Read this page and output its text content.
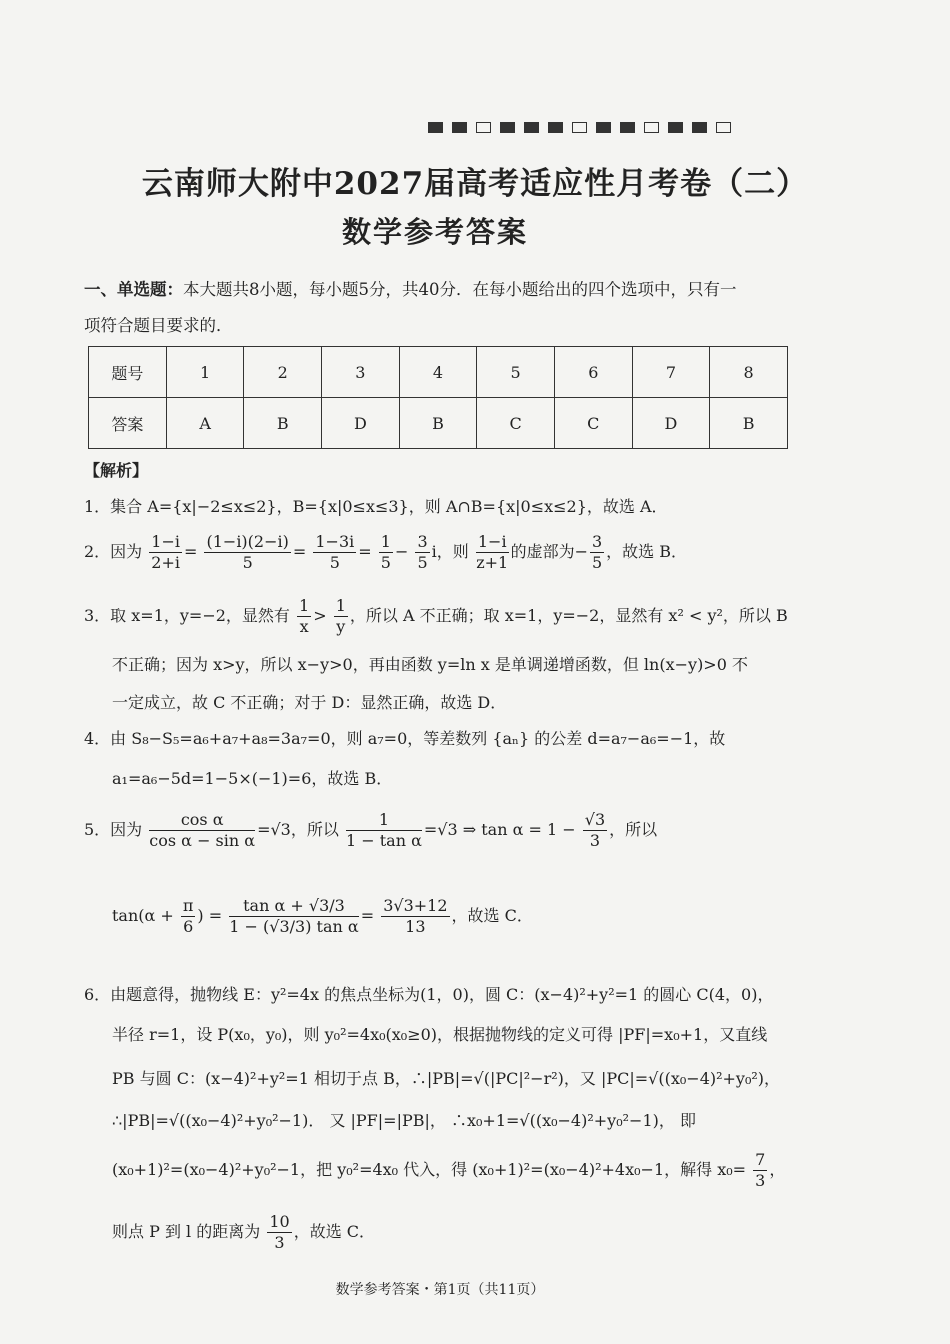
云南师大附中2027届高考适应性月考卷（二）
数学参考答案
一、单选题：本大题共8小题，每小题5分，共40分．在每小题给出的四个选项中，只有一
项符合题目要求的．
题号	1	2	3	4	5	6	7	8
答案	A	B	D	B	C	C	D	B
【解析】
1．集合 A={x|−2≤x≤2}，B={x|0≤x≤3}，则 A∩B={x|0≤x≤2}，故选 A．
2．因为 $\frac{1-i}{2+i} = \frac{(1-i)(2-i)}{5} = \frac{1-3i}{5} = \frac{1}{5} - \frac{3}{5}$ i，则 $\frac{1-i}{z+1}$ 的虚部为− $\frac{3}{5}$ ，故选 B．
3．取 x=1，y=−2，显然有 $\frac{1}{x} > \frac{1}{y}$ ，所以 A 不正确；取 x=1，y=−2，显然有 x² < y²，所以 B
不正确；因为 x>y，所以 x−y>0，再由函数 y=ln x 是单调递增函数，但 ln(x−y)>0 不
一定成立，故 C 不正确；对于 D：显然正确，故选 D．
4．由 S₈−S₅=a₆+a₇+a₈=3a₇=0，则 a₇=0，等差数列 {aₙ} 的公差 d=a₇−a₆=−1，故
a₁=a₆−5d=1−5×(−1)=6，故选 B．
5．因为 $\frac{\text{cos α}}{\text{cos α − sin α}} =√3$，所以 $\frac{1}{\text{1 − tan α}} =√3$ ⇒ $\tan \alpha = 1 - \frac{√3}{3}$ ，所以
$\tan(\alpha + \frac{\pi}{6}$ ) = $\frac{\text{tan α + √3/3}}{\text{1 − (√3/3) tan α}} = \frac{3√3+12}{13}$ ，故选 C．
6．由题意得，抛物线 E：y²=4x 的焦点坐标为(1，0)，圆 C：(x−4)²+y²=1 的圆心 C(4，0)，
半径 r=1，设 P(x₀，y₀)，则 y₀²=4x₀(x₀≥0)，根据抛物线的定义可得 |PF|=x₀+1，又直线
PB 与圆 C：(x−4)²+y²=1 相切于点 B，∴|PB|=√(|PC|²−r²)，又 |PC|=√((x₀−4)²+y₀²)，
∴|PB|=√((x₀−4)²+y₀²−1)． 又 |PF|=|PB|， ∴x₀+1=√((x₀−4)²+y₀²−1)， 即
(x₀+1)²=(x₀−4)²+y₀²−1，把 y₀²=4x₀ 代入，得 (x₀+1)²=(x₀−4)²+4x₀−1，解得 $x_0= \frac{7}{3}$ ，
则点 P 到 l 的距离为 $\frac{10}{3}$ ，故选 C．
数学参考答案・第1页（共11页）
